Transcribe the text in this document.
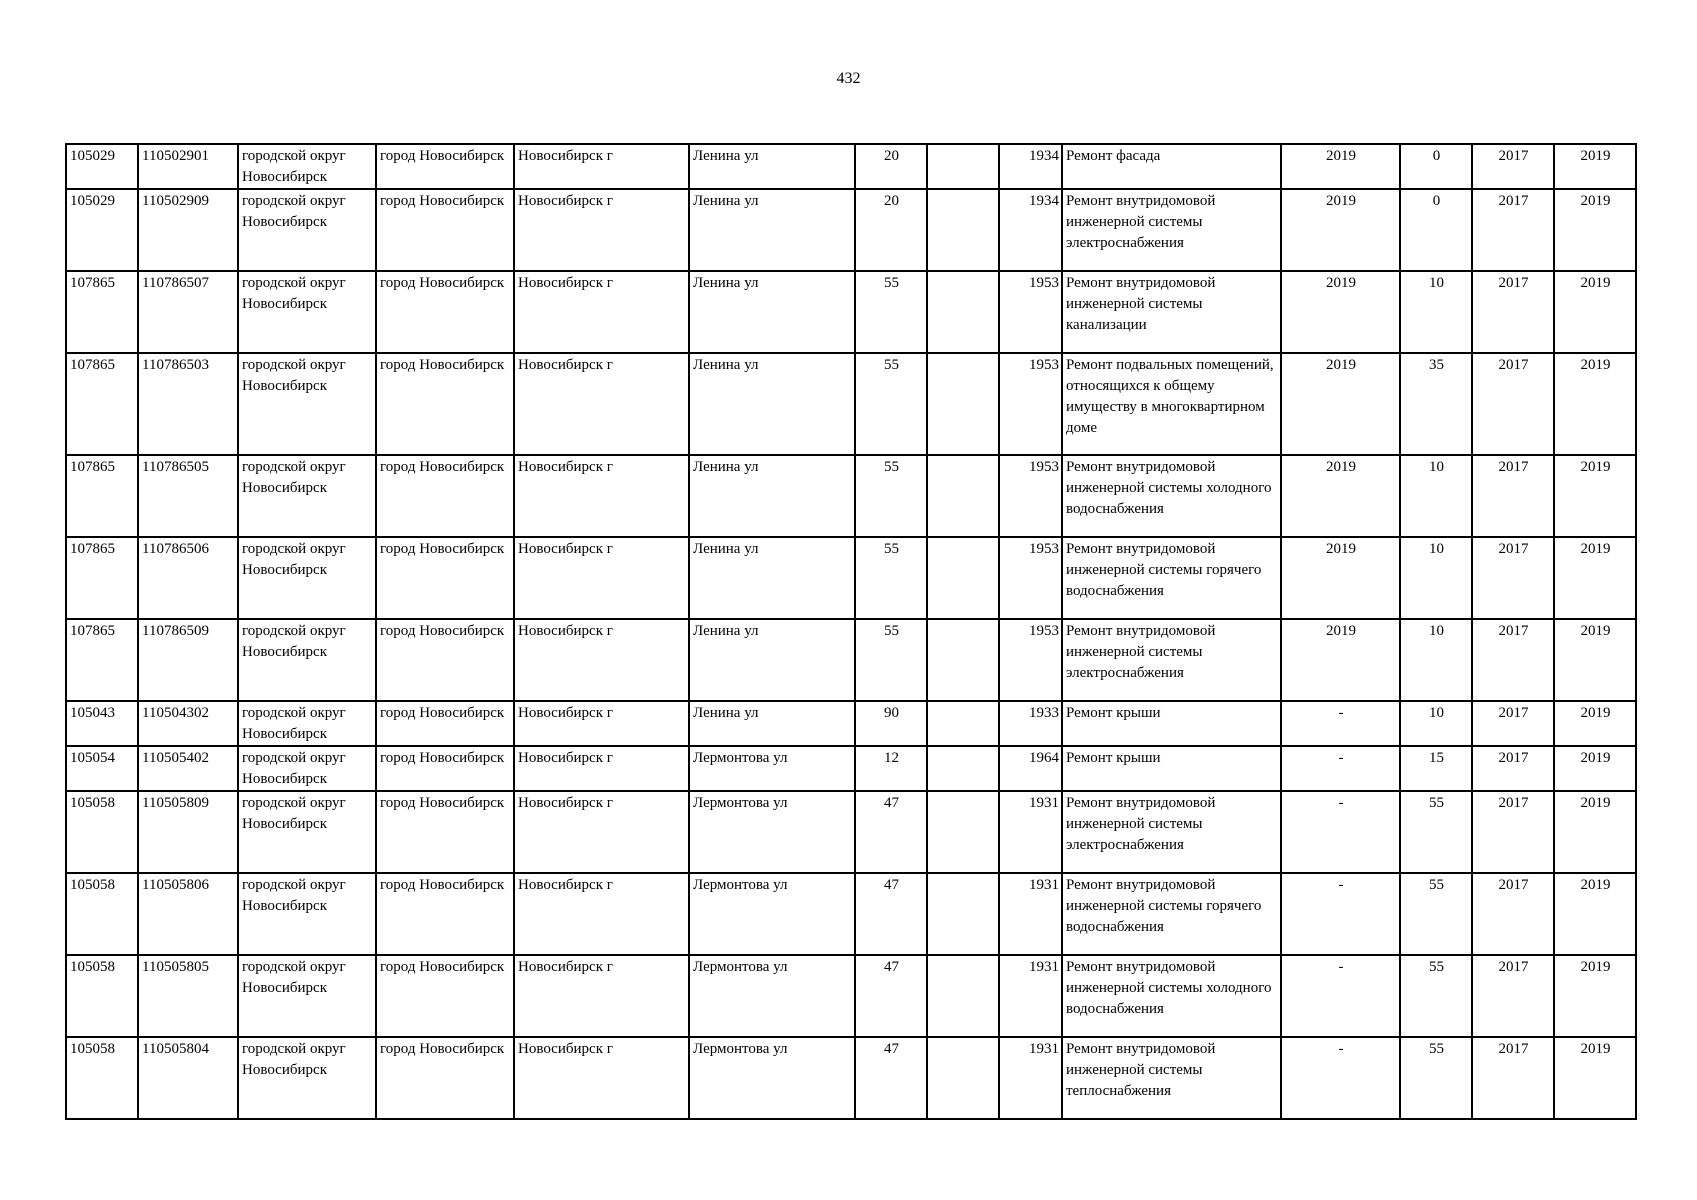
432
105029	110502901	городской округ Новосибирск	город Новосибирск	Новосибирск г	Ленина ул	20		1934	Ремонт фасада	2019	0	2017	2019
105029	110502909	городской округ Новосибирск	город Новосибирск	Новосибирск г	Ленина ул	20		1934	Ремонт внутридомовой инженерной системы электроснабжения	2019	0	2017	2019
107865	110786507	городской округ Новосибирск	город Новосибирск	Новосибирск г	Ленина ул	55		1953	Ремонт внутридомовой инженерной системы канализации	2019	10	2017	2019
107865	110786503	городской округ Новосибирск	город Новосибирск	Новосибирск г	Ленина ул	55		1953	Ремонт подвальных помещений, относящихся к общему имуществу в многоквартирном доме	2019	35	2017	2019
107865	110786505	городской округ Новосибирск	город Новосибирск	Новосибирск г	Ленина ул	55		1953	Ремонт внутридомовой инженерной системы холодного водоснабжения	2019	10	2017	2019
107865	110786506	городской округ Новосибирск	город Новосибирск	Новосибирск г	Ленина ул	55		1953	Ремонт внутридомовой инженерной системы горячего водоснабжения	2019	10	2017	2019
107865	110786509	городской округ Новосибирск	город Новосибирск	Новосибирск г	Ленина ул	55		1953	Ремонт внутридомовой инженерной системы электроснабжения	2019	10	2017	2019
105043	110504302	городской округ Новосибирск	город Новосибирск	Новосибирск г	Ленина ул	90		1933	Ремонт крыши	-	10	2017	2019
105054	110505402	городской округ Новосибирск	город Новосибирск	Новосибирск г	Лермонтова ул	12		1964	Ремонт крыши	-	15	2017	2019
105058	110505809	городской округ Новосибирск	город Новосибирск	Новосибирск г	Лермонтова ул	47		1931	Ремонт внутридомовой инженерной системы электроснабжения	-	55	2017	2019
105058	110505806	городской округ Новосибирск	город Новосибирск	Новосибирск г	Лермонтова ул	47		1931	Ремонт внутридомовой инженерной системы горячего водоснабжения	-	55	2017	2019
105058	110505805	городской округ Новосибирск	город Новосибирск	Новосибирск г	Лермонтова ул	47		1931	Ремонт внутридомовой инженерной системы холодного водоснабжения	-	55	2017	2019
105058	110505804	городской округ Новосибирск	город Новосибирск	Новосибирск г	Лермонтова ул	47		1931	Ремонт внутридомовой инженерной системы теплоснабжения	-	55	2017	2019
